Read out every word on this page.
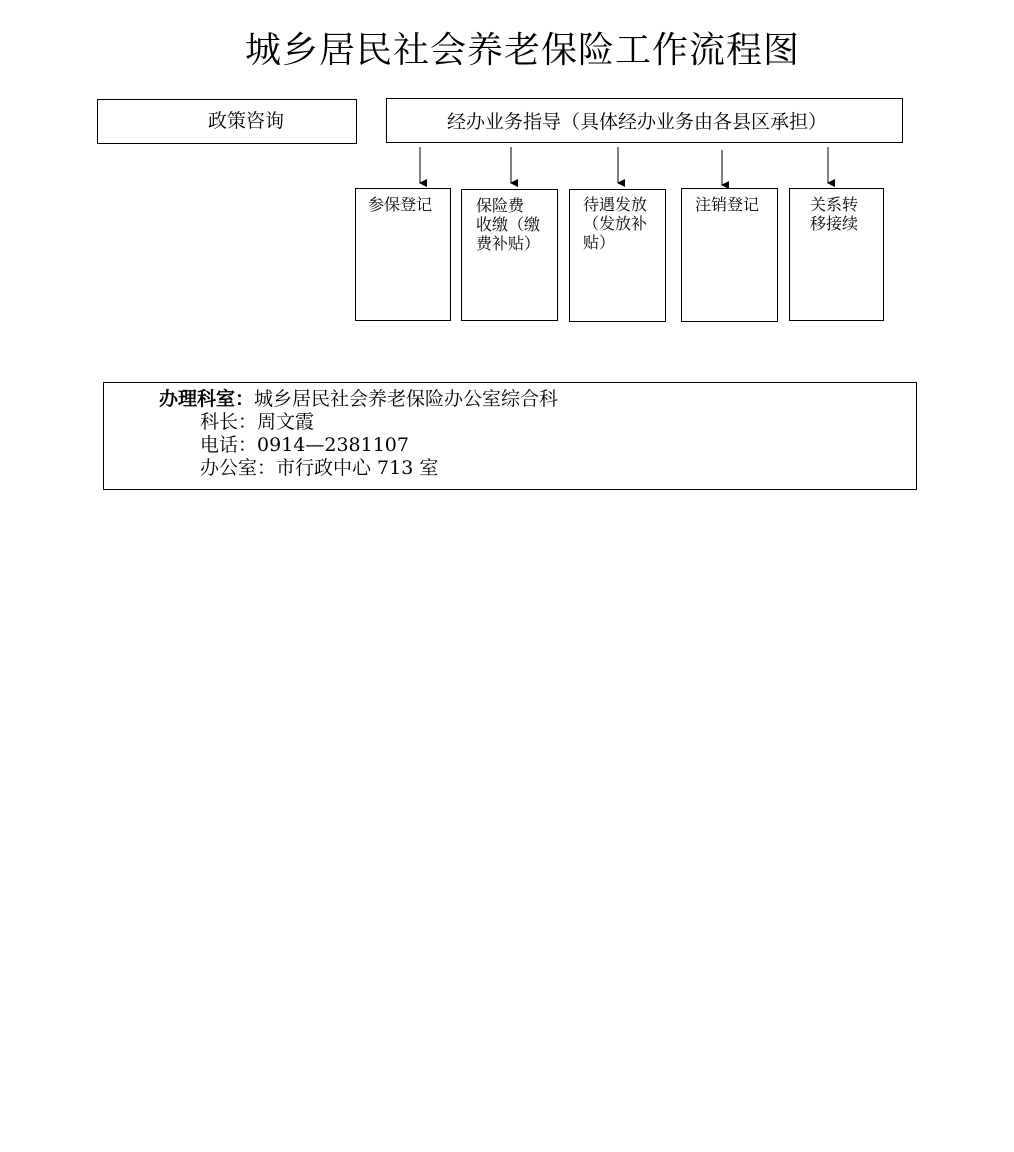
城乡居民社会养老保险工作流程图
政策咨询	经办业务指导（具体经办业务由各县区承担）
参保登记	保险费
收缴（缴
费补贴）
待遇发放
（发放补
贴）
注销登记	关系转
移接续
办理科室：城乡居民社会养老保险办公室综合科
科长：周文霞
电话：0914—2381107
办公室：市行政中心 713 室
